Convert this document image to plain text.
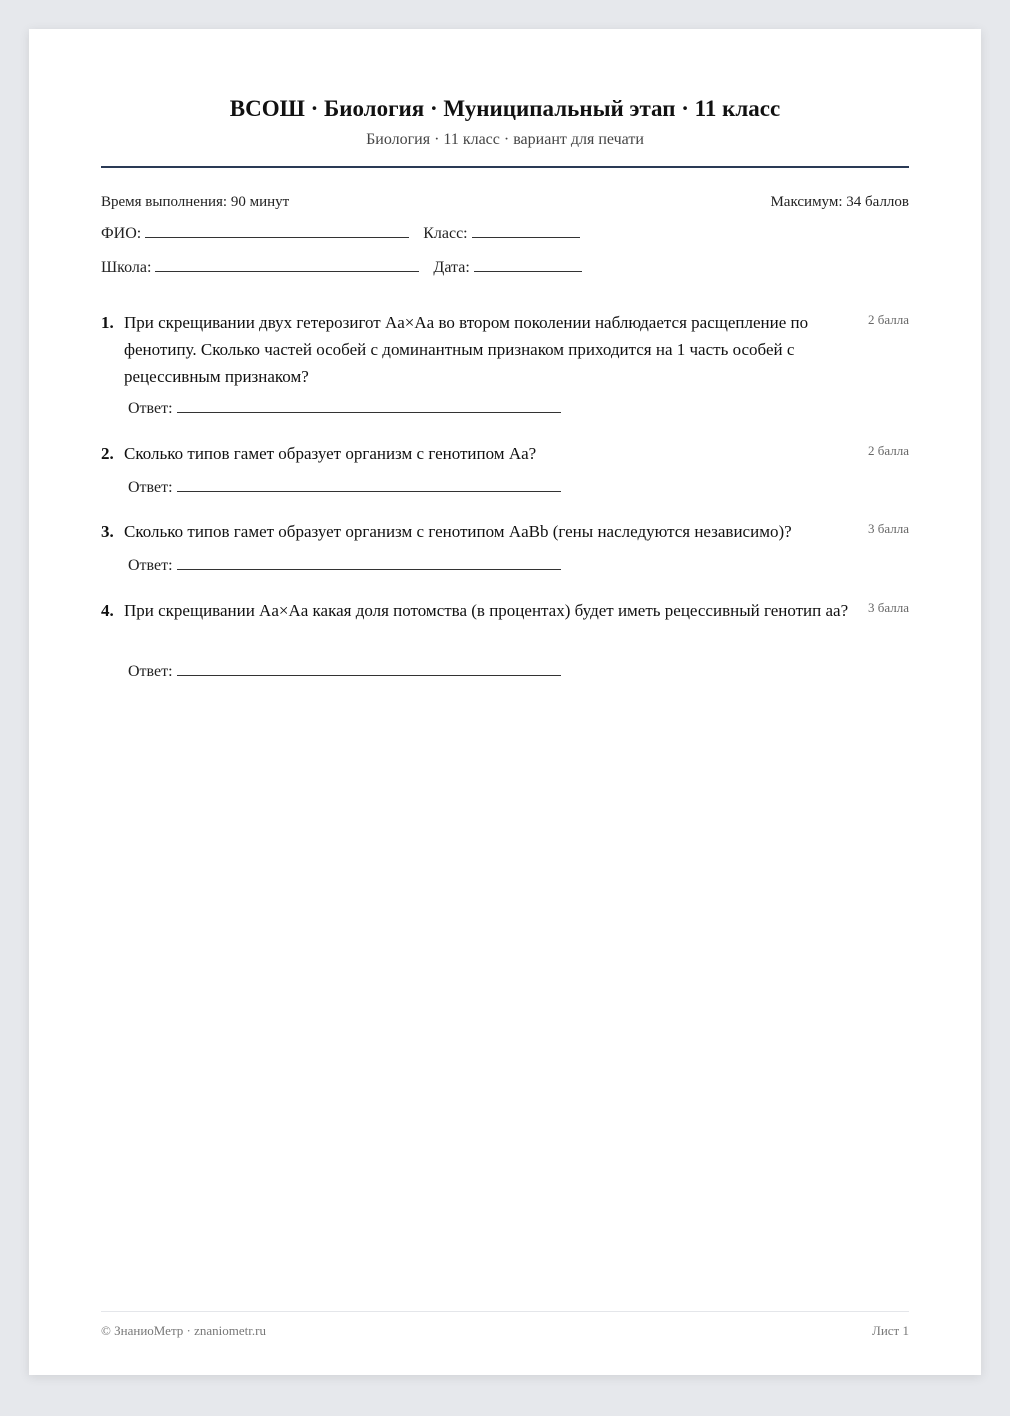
ВСОШ · Биология · Муниципальный этап · 11 класс
Биология · 11 класс · вариант для печати
Время выполнения: 90 минут	Максимум: 34 баллов
ФИО:	Класс:
Школа:	Дата:
1. При скрещивании двух гетерозигот Aa×Aa во втором поколении наблюдается расщепление по фенотипу. Сколько частей особей с доминантным признаком приходится на 1 часть особей с рецессивным признаком?
2 балла
Ответ:
2. Сколько типов гамет образует организм с генотипом Aa?	2 балла
Ответ:
3. Сколько типов гамет образует организм с генотипом AaBb (гены наследуются независимо)?	3 балла
Ответ:
4. При скрещивании Aa×Aa какая доля потомства (в процентах) будет иметь рецессивный генотип aa?	3 балла
Ответ:
© ЗнаниоМетр · znaniometr.ru	Лист 1
